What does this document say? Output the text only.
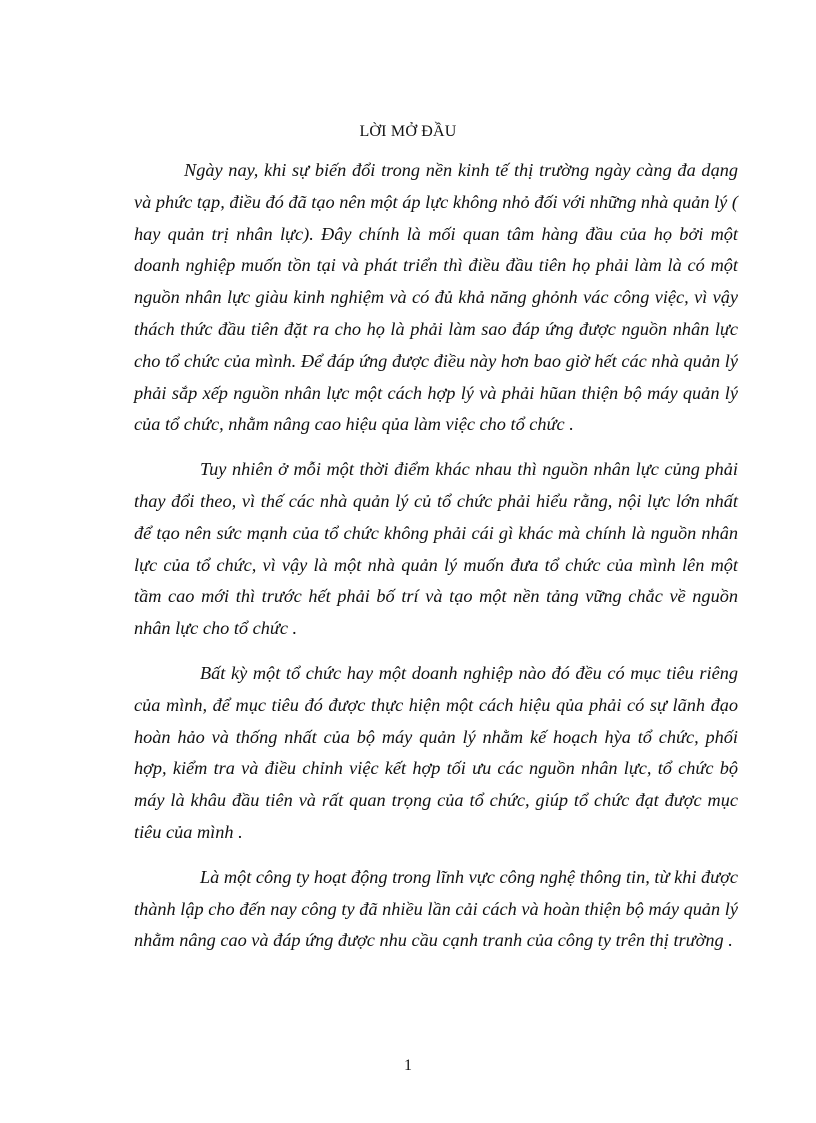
LỜI MỞ ĐẦU

Ngày nay, khi sự biến đổi trong nền kinh tế thị trường ngày càng đa dạng và phức tạp, điều đó đã tạo nên một áp lực không nhỏ đối với những nhà quản lý ( hay quản trị nhân lực). Đây chính là mối quan tâm hàng đầu của họ bởi một doanh nghiệp muốn tồn tại và phát triển thì điều đầu tiên họ phải làm là có một nguồn nhân lực giàu kinh nghiệm và có đủ khả năng ghỏnh vác công việc, vì vậy thách thức đầu tiên đặt ra cho họ là phải làm sao đáp ứng được nguồn nhân lực cho tổ chức của mình. Để đáp ứng được điều này hơn bao giờ hết các nhà quản lý phải sắp xếp nguồn nhân lực một cách hợp lý và phải hũan thiện bộ máy quản lý của tổ chức, nhằm nâng cao hiệu qủa làm việc cho tổ chức .

Tuy nhiên ở mỗi một thời điểm khác nhau thì nguồn nhân lực củng phải thay đổi theo, vì thế các nhà quản lý củ tổ chức phải hiểu rằng, nội lực lớn nhất để tạo nên sức mạnh của tổ chức không phải cái gì khác mà chính là nguồn nhân lực của tổ chức, vì vậy là một nhà quản lý muốn đưa tổ chức của mình lên một tầm cao mới thì trước hết phải bố trí và tạo một nền tảng vững chắc về nguồn nhân lực cho tổ chức .

Bất kỳ một tổ chức hay một doanh nghiệp nào đó đều có mục tiêu riêng của mình, để mục tiêu đó được thực hiện một cách hiệu qủa phải có sự lãnh đạo hoàn hảo và thống nhất của bộ máy quản lý nhằm kế hoạch hỳa tổ chức, phối hợp, kiểm tra và điều chỉnh việc kết hợp tối ưu các nguồn nhân lực, tổ chức bộ máy là khâu đầu tiên và rất quan trọng của tổ chức, giúp tổ chức đạt được mục tiêu của mình .

Là một công ty hoạt động trong lĩnh vực công nghệ thông tin, từ khi được thành lập cho đến nay công ty đã nhiều lần cải cách và hoàn thiện bộ máy quản lý nhằm nâng cao và đáp ứng được nhu cầu cạnh tranh của công ty trên thị trường .

1
